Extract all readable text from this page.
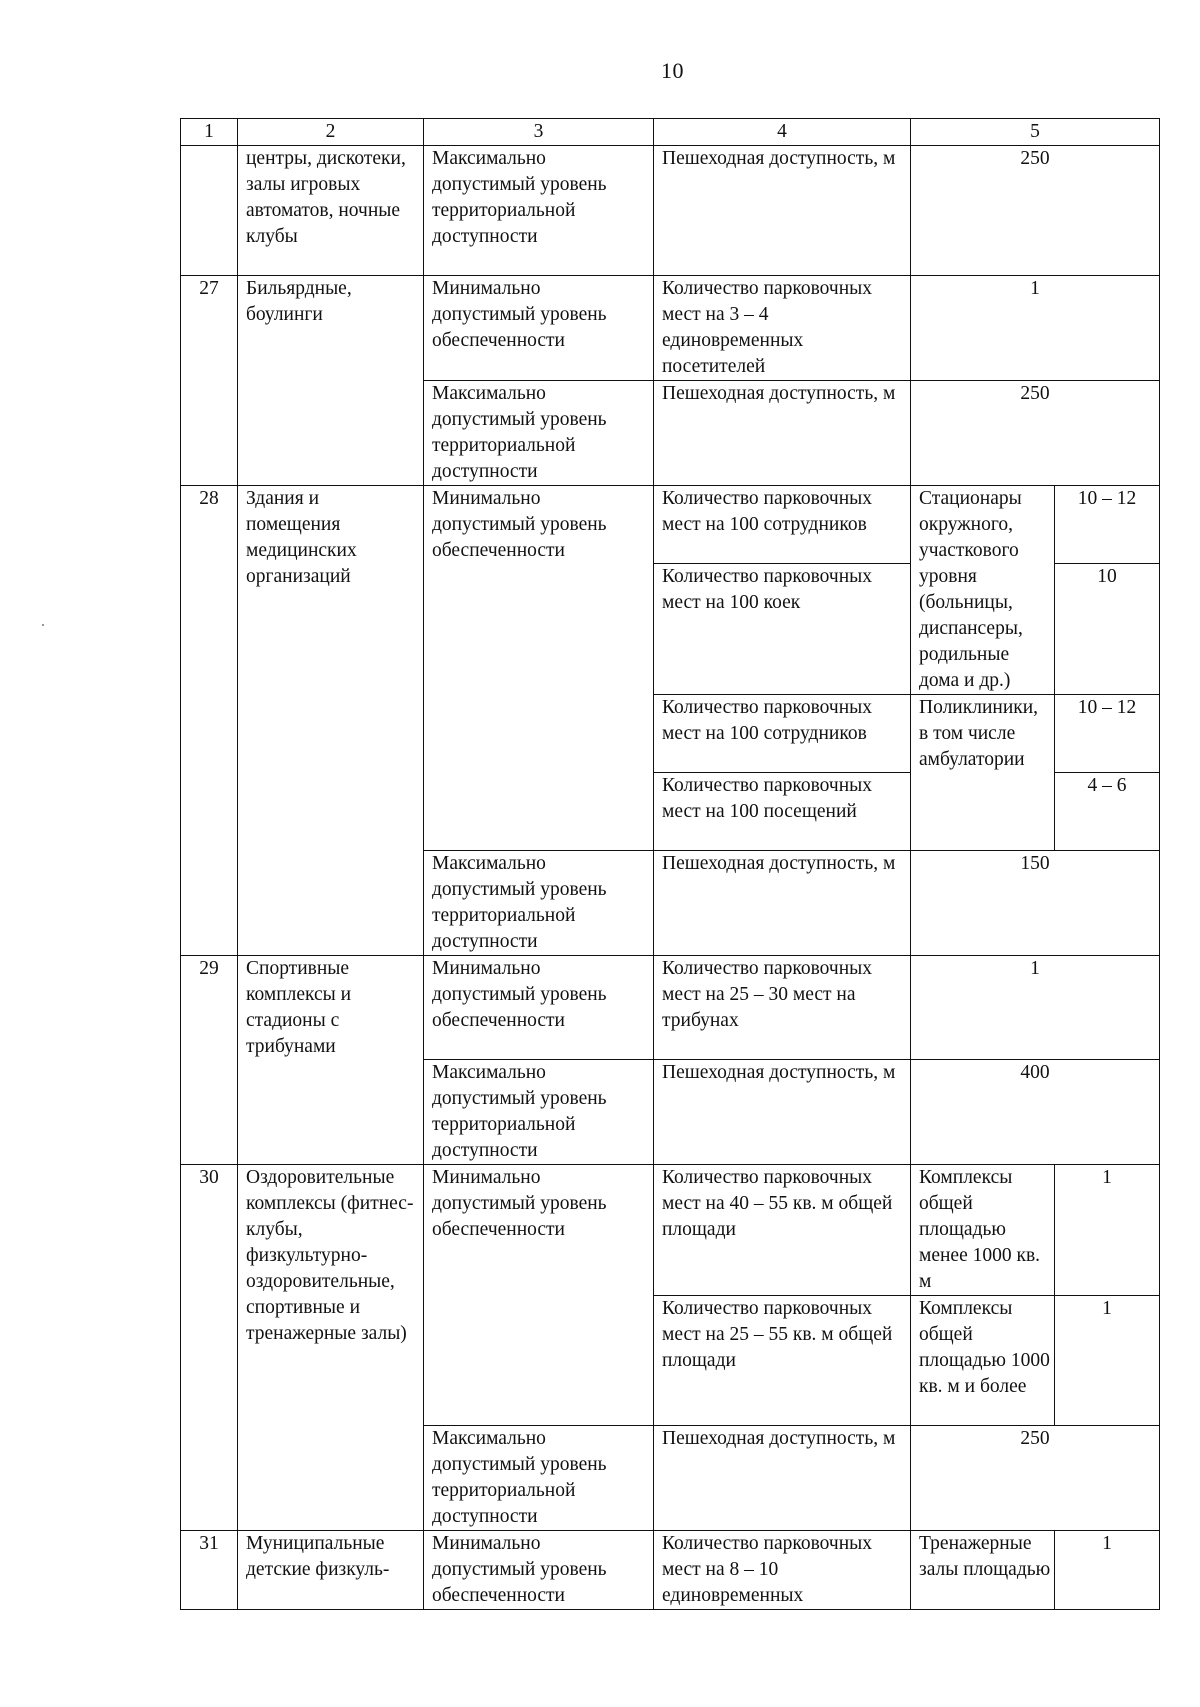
10
1	2	3	4	5	
	центры, дискотеки, залы игровых автоматов, ночные клубы	Максимально допустимый уровень территориальной доступности	Пешеходная доступность, м	250	
27	Бильярдные, боулинги	Минимально допустимый уровень обеспеченности	Количество парковочных мест на 3 – 4 единовременных посетителей	1	
		Максимально допустимый уровень территориальной доступности	Пешеходная доступность, м	250	
28	Здания и помещения медицинских организаций	Минимально допустимый уровень обеспеченности	Количество парковочных мест на 100 сотрудников	Стационары окружного, участкового уровня (больницы, диспансеры, родильные дома и др.)	10 – 12
			Количество парковочных мест на 100 коек		10
			Количество парковочных мест на 100 сотрудников	Поликлиники, в том числе амбулатории	10 – 12
			Количество парковочных мест на 100 посещений		4 – 6
		Максимально допустимый уровень территориальной доступности	Пешеходная доступность, м	150	
29	Спортивные комплексы и стадионы с трибунами	Минимально допустимый уровень обеспеченности	Количество парковочных мест на 25 – 30 мест на трибунах	1	
		Максимально допустимый уровень территориальной доступности	Пешеходная доступность, м	400	
30	Оздоровительные комплексы (фитнес-клубы, физкультурно-оздоровительные, спортивные и тренажерные залы)	Минимально допустимый уровень обеспеченности	Количество парковочных мест на 40 – 55 кв. м общей площади	Комплексы общей площадью менее 1000 кв. м	1
			Количество парковочных мест на 25 – 55 кв. м общей площади	Комплексы общей площадью 1000 кв. м и более	1
		Максимально допустимый уровень территориальной доступности	Пешеходная доступность, м	250	
31	Муниципальные детские физкуль-	Минимально допустимый уровень обеспеченности	Количество парковочных мест на 8 – 10 единовременных	Тренажерные залы площадью	1
